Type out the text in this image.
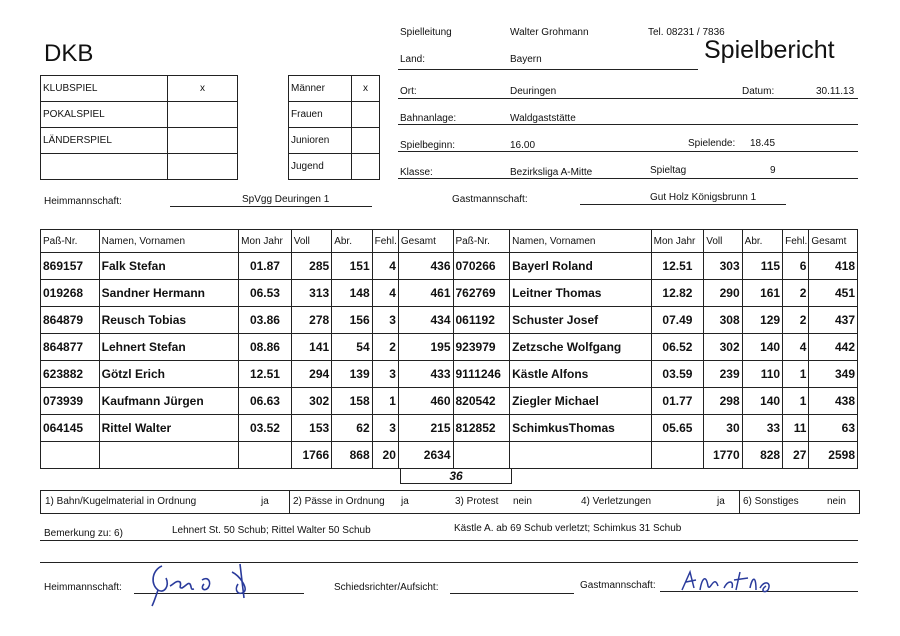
DKB	Spielbericht
Spielleitung	Walter Grohmann	Tel. 08231 / 7836
Land:	Bayern
Ort:	Deuringen	Datum:	30.11.13
Bahnanlage:	Waldgaststätte
Spielbeginn:	16.00	Spielende: 18.45
Klasse:	Bezirksliga A-Mitte	Spieltag	9
KLUBSPIEL	x
POKALSPIEL	
LÄNDERSPIEL	

Männer	x
Frauen	
Junioren	
Jugend	
Heimmannschaft:	SpVgg Deuringen 1	Gastmannschaft:	Gut Holz Königsbrunn 1
Paß-Nr.	Namen, Vornamen	Mon Jahr	Voll	Abr.	Fehl.	Gesamt	Paß-Nr.	Namen, Vornamen	Mon Jahr	Voll	Abr.	Fehl.	Gesamt
869157	Falk Stefan	01.87	285	151	4	436	070266	Bayerl Roland	12.51	303	115	6	418
019268	Sandner Hermann	06.53	313	148	4	461	762769	Leitner Thomas	12.82	290	161	2	451
864879	Reusch Tobias	03.86	278	156	3	434	061192	Schuster Josef	07.49	308	129	2	437
864877	Lehnert Stefan	08.86	141	54	2	195	923979	Zetzsche Wolfgang	06.52	302	140	4	442
623882	Götzl Erich	12.51	294	139	3	433	9111246	Kästle Alfons	03.59	239	110	1	349
073939	Kaufmann Jürgen	06.63	302	158	1	460	820542	Ziegler Michael	01.77	298	140	1	438
064145	Rittel Walter	03.52	153	62	3	215	812852	SchimkusThomas	05.65	30	33	11	63
			1766	868	20	2634				1770	828	27	2598
36
1) Bahn/Kugelmaterial in Ordnung	ja 2) Pässe in Ordnung ja	3) Protest nein	4) Verletzungen	ja 6) Sonstiges	nein
Bemerkung zu: 6)	Lehnert St. 50 Schub; Rittel Walter 50 Schub	Kästle A. ab 69 Schub verletzt; Schimkus 31 Schub
Heimmannschaft:	Schiedsrichter/Aufsicht:	Gastmannschaft:
